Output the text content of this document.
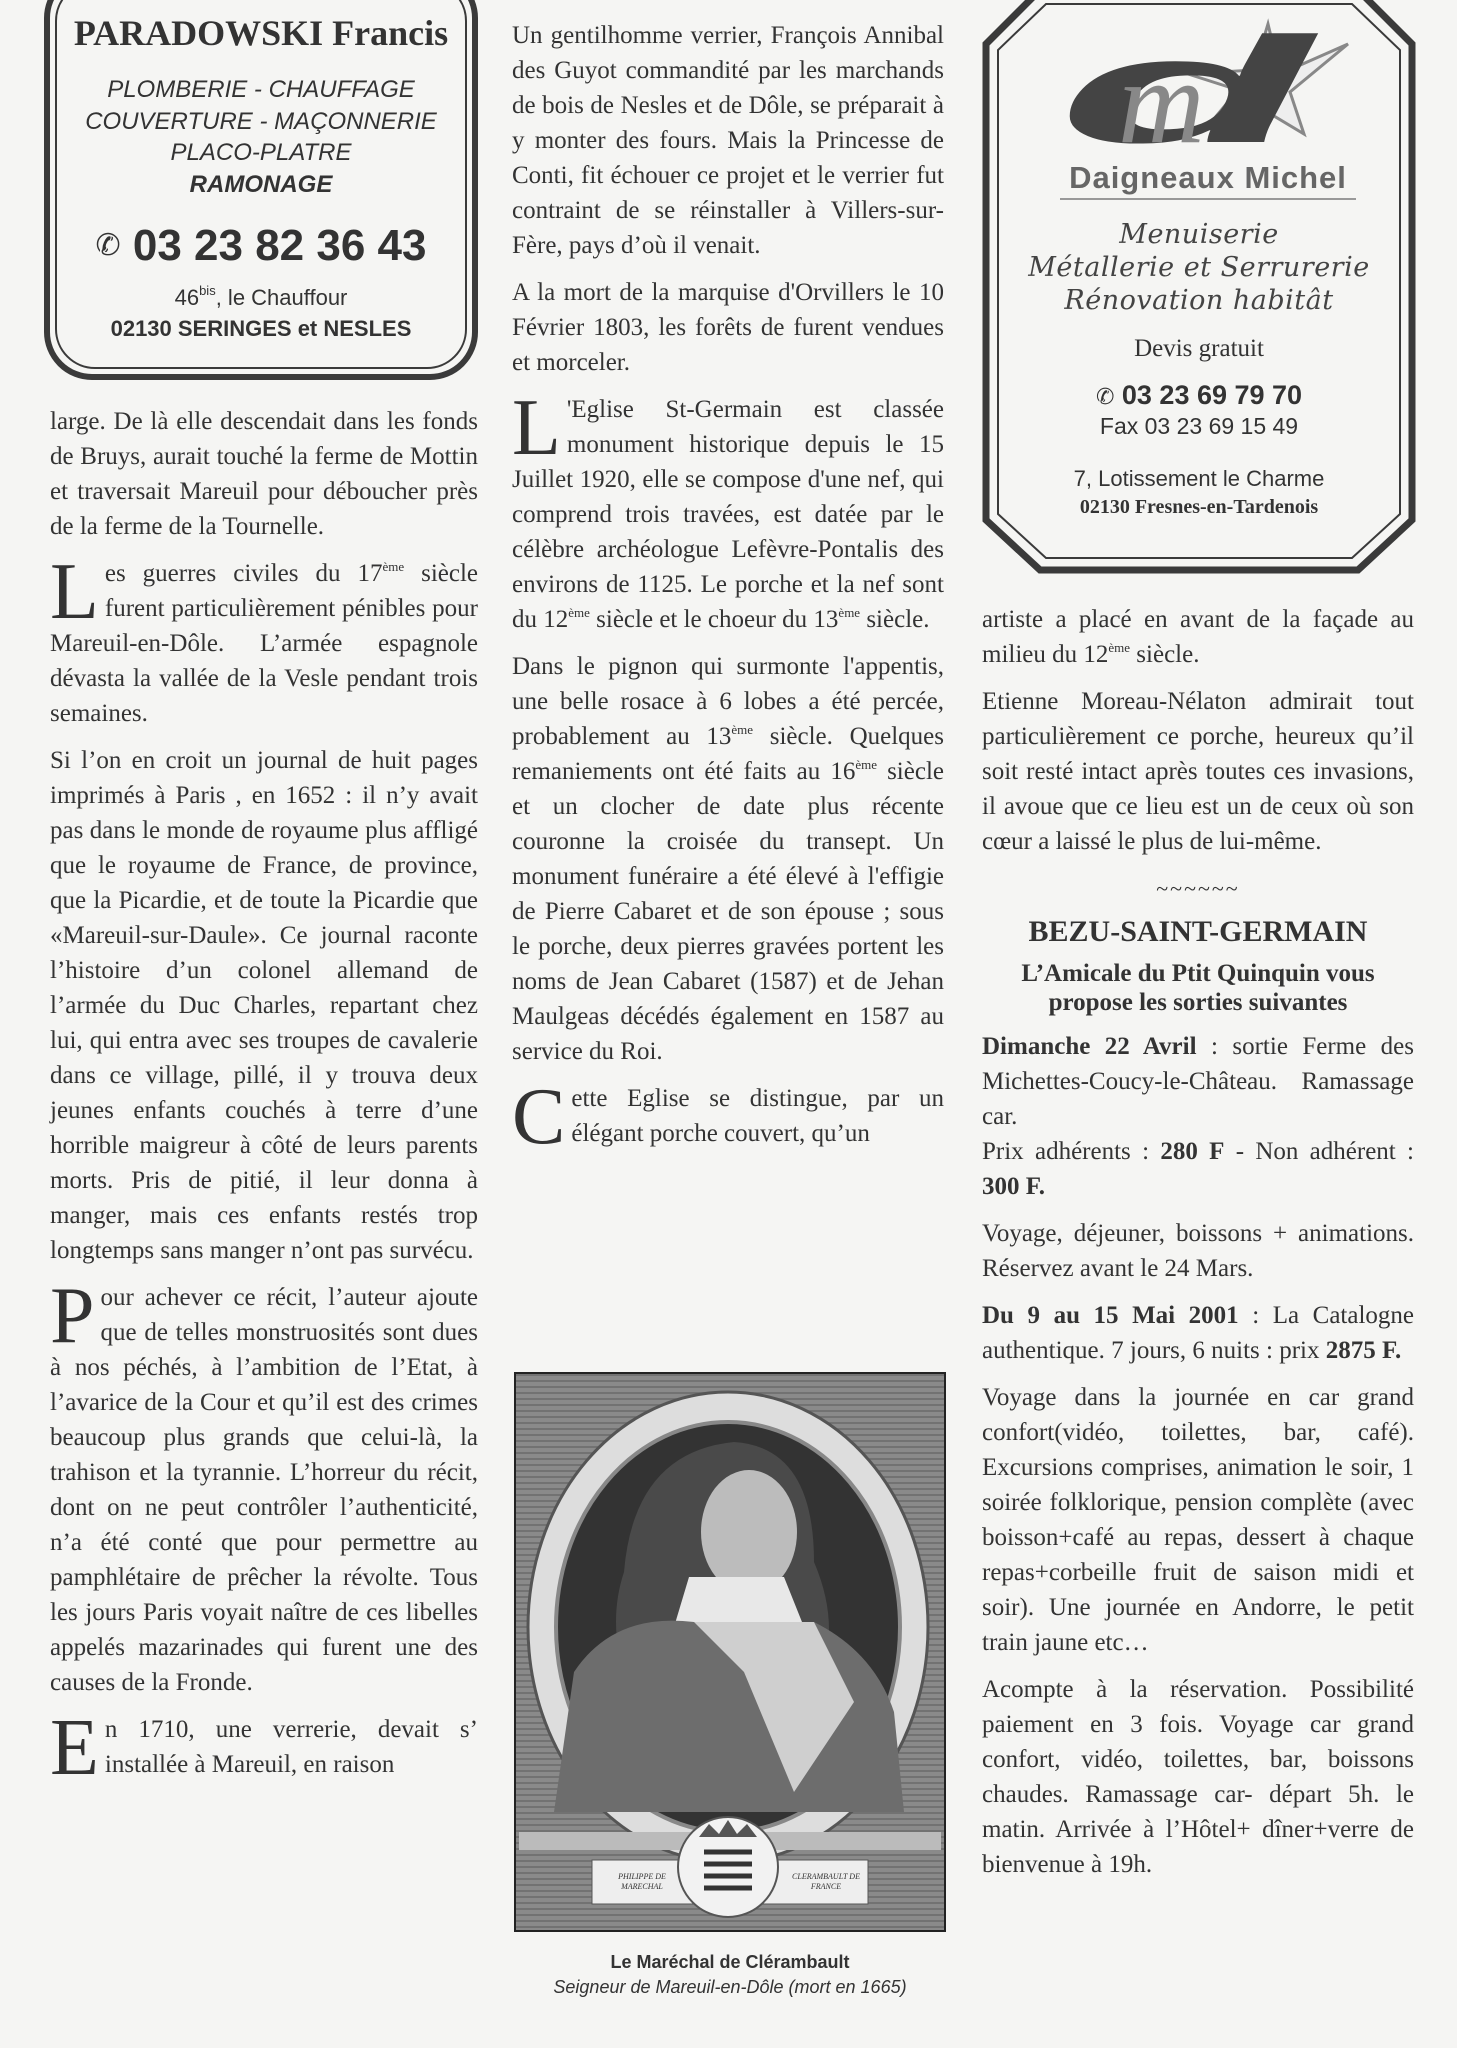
PARADOWSKI Francis
PLOMBERIE - CHAUFFAGE
COUVERTURE - MAÇONNERIE
PLACO-PLATRE
RAMONAGE
✆ 03 23 82 36 43
$46^{bis}$, le Chauffour
02130 SERINGES et NESLES
d
m
Daigneaux Michel
Menuiserie
Métallerie et Serrurerie
Rénovation habitât
Devis gratuit
✆ 03 23 69 79 70
Fax 03 23 69 15 49
7, Lotissement le Charme
02130 Fresnes-en-Tardenois

large. De là elle descendait dans les fonds de Bruys, aurait touché la ferme de Mottin et traversait Mareuil pour déboucher près de la ferme de la Tournelle.

Les guerres civiles du 17ème siècle furent particulièrement pénibles pour Mareuil-en-Dôle. L’armée espagnole dévasta la vallée de la Vesle pendant trois semaines.

Si l’on en croit un journal de huit pages imprimés à Paris , en 1652 : il n’y avait pas dans le monde de royaume plus affligé que le royaume de France, de province, que la Picardie, et de toute la Picardie que «Mareuil-sur-Daule». Ce journal raconte l’histoire d’un colonel allemand de l’armée du Duc Charles, repartant chez lui, qui entra avec ses troupes de cavalerie dans ce village, pillé, il y trouva deux jeunes enfants couchés à terre d’une horrible maigreur à côté de leurs parents morts. Pris de pitié, il leur donna à manger, mais ces enfants restés trop longtemps sans manger n’ont pas survécu.

Pour achever ce récit, l’auteur ajoute que de telles monstruosités sont dues à nos péchés, à l’ambition de l’Etat, à l’avarice de la Cour et qu’il est des crimes beaucoup plus grands que celui-là, la trahison et la tyrannie. L’horreur du récit, dont on ne peut contrôler l’authenticité, n’a été conté que pour permettre au pamphlétaire de prêcher la révolte. Tous les jours Paris voyait naître de ces libelles appelés mazarinades qui furent une des causes de la Fronde.

En 1710, une verrerie, devait s’ installée à Mareuil, en raison

Un gentilhomme verrier, François Annibal des Guyot commandité par les marchands de bois de Nesles et de Dôle, se préparait à y monter des fours. Mais la Princesse de Conti, fit échouer ce projet et le verrier fut contraint de se réinstaller à Villers-sur-Fère, pays d’où il venait.

A la mort de la marquise d'Orvillers le 10 Février 1803, les forêts de furent vendues et morceler.

L 'Eglise St-Germain est classée monument historique depuis le 15 Juillet 1920, elle se compose d'une nef, qui comprend trois travées, est datée par le célèbre archéologue Lefèvre-Pontalis des environs de 1125. Le porche et la nef sont du 12ème siècle et le choeur du 13ème siècle.

Dans le pignon qui surmonte l'appentis, une belle rosace à 6 lobes a été percée, probablement au 13ème siècle. Quelques remaniements ont été faits au 16ème siècle et un clocher de date plus récente couronne la croisée du transept. Un monument funéraire a été élevé à l'effigie de Pierre Cabaret et de son épouse ; sous le porche, deux pierres gravées portent les noms de Jean Cabaret (1587) et de Jehan Maulgeas décédés également en 1587 au service du Roi.

Cette Eglise se distingue, par un élégant porche couvert, qu’un

artiste a placé en avant de la façade au milieu du 12ème siècle.

Etienne Moreau-Nélaton admirait tout particulièrement ce porche, heureux qu’il soit resté intact après toutes ces invasions, il avoue que ce lieu est un de ceux où son cœur a laissé le plus de lui-même.

~~~~~~

BEZU-SAINT-GERMAIN

L’Amicale du Ptit Quinquin vous propose les sorties suivantes

Dimanche 22 Avril : sortie Ferme des Michettes-Coucy-le-Château. Ramassage car.

Prix adhérents : 280 F - Non adhérent : 300 F.

Voyage, déjeuner, boissons + animations. Réservez avant le 24 Mars.

Du 9 au 15 Mai 2001 : La Catalogne authentique. 7 jours, 6 nuits : prix 2875 F.

Voyage dans la journée en car grand confort(vidéo, toilettes, bar, café). Excursions comprises, animation le soir, 1 soirée folklorique, pension complète (avec boisson+café au repas, dessert à chaque repas+corbeille fruit de saison midi et soir). Une journée en Andorre, le petit train jaune etc…

Acompte à la réservation. Possibilité paiement en 3 fois. Voyage car grand confort, vidéo, toilettes, bar, boissons chaudes. Ramassage car- départ 5h. le matin. Arrivée à l’Hôtel+ dîner+verre de bienvenue à 19h.

PHILIPPE DE MARECHAL
CLERAMBAULT DE FRANCE
Le Maréchal de Clérambault
Seigneur de Mareuil-en-Dôle (mort en 1665)
